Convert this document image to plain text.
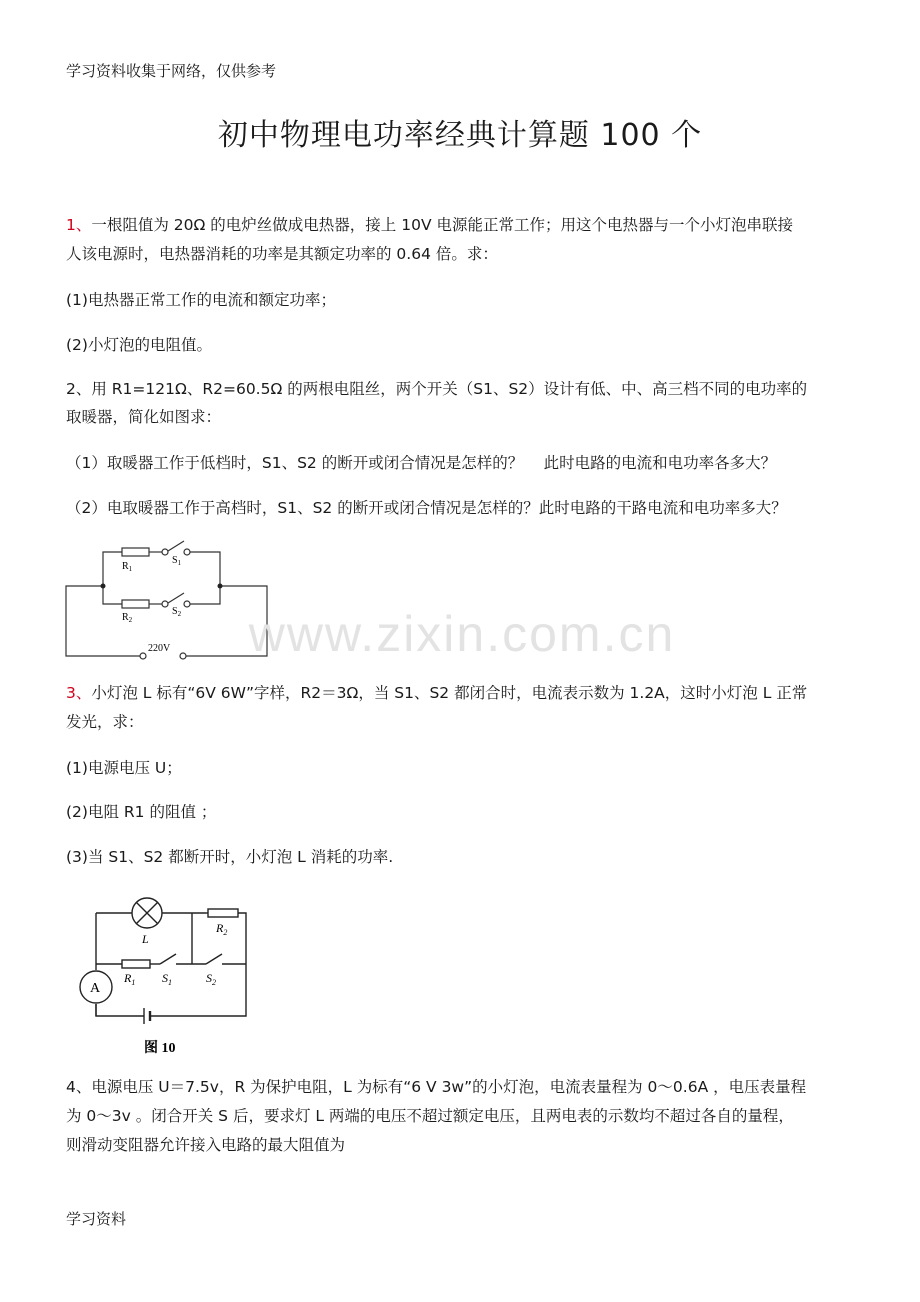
学习资料收集于网络，仅供参考
初中物理电功率经典计算题 100 个
1、一根阻值为 20Ω 的电炉丝做成电热器，接上 10V 电源能正常工作；用这个电热器与一个小灯泡串联接
人该电源时，电热器消耗的功率是其额定功率的 0.64 倍。求：
(1)电热器正常工作的电流和额定功率；
(2)小灯泡的电阻值。
2、用 R1=121Ω、R2=60.5Ω 的两根电阻丝，两个开关（S1、S2）设计有低、中、高三档不同的电功率的
取暖器，简化如图求：
（1）取暖器工作于低档时，S1、S2 的断开或闭合情况是怎样的？　 此时电路的电流和电功率各多大？
（2）电取暖器工作于高档时，S1、S2 的断开或闭合情况是怎样的？此时电路的干路电流和电功率多大？
$R_1$
$S_1$
$R_2$
$S_2$
220V	www.zixin.com.cn
3、小灯泡 L 标有“6V 6W”字样，R2＝3Ω，当 S1、S2 都闭合时，电流表示数为 1.2A，这时小灯泡 L 正常
发光，求：
(1)电源电压 U；
(2)电阻 R1 的阻值 ；
(3)当 S1、S2 都断开时，小灯泡 L 消耗的功率.
L
$R_2$
$R_1$ $S_1$	$S_2$
A
图 10
4、电源电压 U＝7.5v，R 为保护电阻，L 为标有“6 V 3w”的小灯泡，电流表量程为 0～0.6A ，电压表量程
为 0～3v 。闭合开关 S 后，要求灯 L 两端的电压不超过额定电压，且两电表的示数均不超过各自的量程，
则滑动变阻器允许接入电路的最大阻值为
学习资料
